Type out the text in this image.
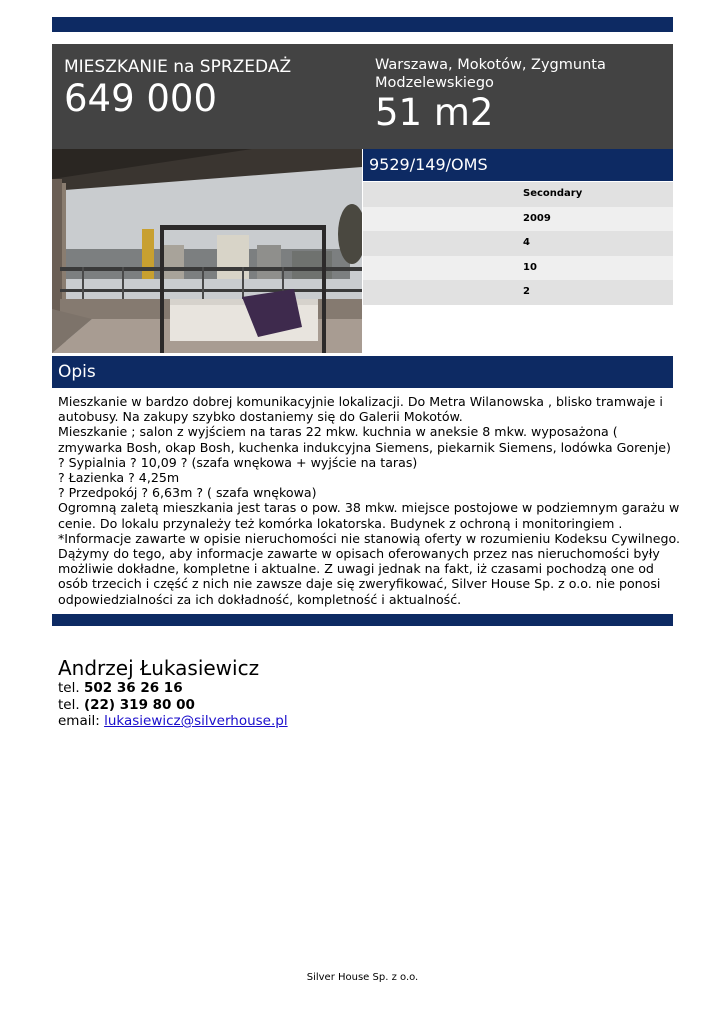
MIESZKANIE na SPRZEDAŻ
649 000
Warszawa, Mokotów, Zygmunta Modzelewskiego
51 m2
9529/149/OMS
Secondary
2009
4
10
2
Opis

Mieszkanie w bardzo dobrej komunikacyjnie lokalizacji. Do Metra Wilanowska , blisko tramwaje i

autobusy. Na zakupy szybko dostaniemy się do Galerii Mokotów.

Mieszkanie ; salon z wyjściem na taras 22 mkw. kuchnia w aneksie 8 mkw. wyposażona (

zmywarka Bosh, okap Bosh, kuchenka indukcyjna Siemens, piekarnik Siemens, lodówka Gorenje)

? Sypialnia ? 10,09 ? (szafa wnękowa + wyjście na taras)

? Łazienka ? 4,25m

? Przedpokój ? 6,63m ? ( szafa wnękowa)

Ogromną zaletą mieszkania jest taras o pow. 38 mkw. miejsce postojowe w podziemnym garażu w

cenie. Do lokalu przynależy też komórka lokatorska. Budynek z ochroną i monitoringiem .

*Informacje zawarte w opisie nieruchomości nie stanowią oferty w rozumieniu Kodeksu Cywilnego.

Dążymy do tego, aby informacje zawarte w opisach oferowanych przez nas nieruchomości były

możliwie dokładne, kompletne i aktualne. Z uwagi jednak na fakt, iż czasami pochodzą one od

osób trzecich i część z nich nie zawsze daje się zweryfikować, Silver House Sp. z o.o. nie ponosi

odpowiedzialności za ich dokładność, kompletność i aktualność.

Andrzej Łukasiewicz
tel. 502 36 26 16
tel. (22) 319 80 00
email: lukasiewicz@silverhouse.pl
Silver House Sp. z o.o.
